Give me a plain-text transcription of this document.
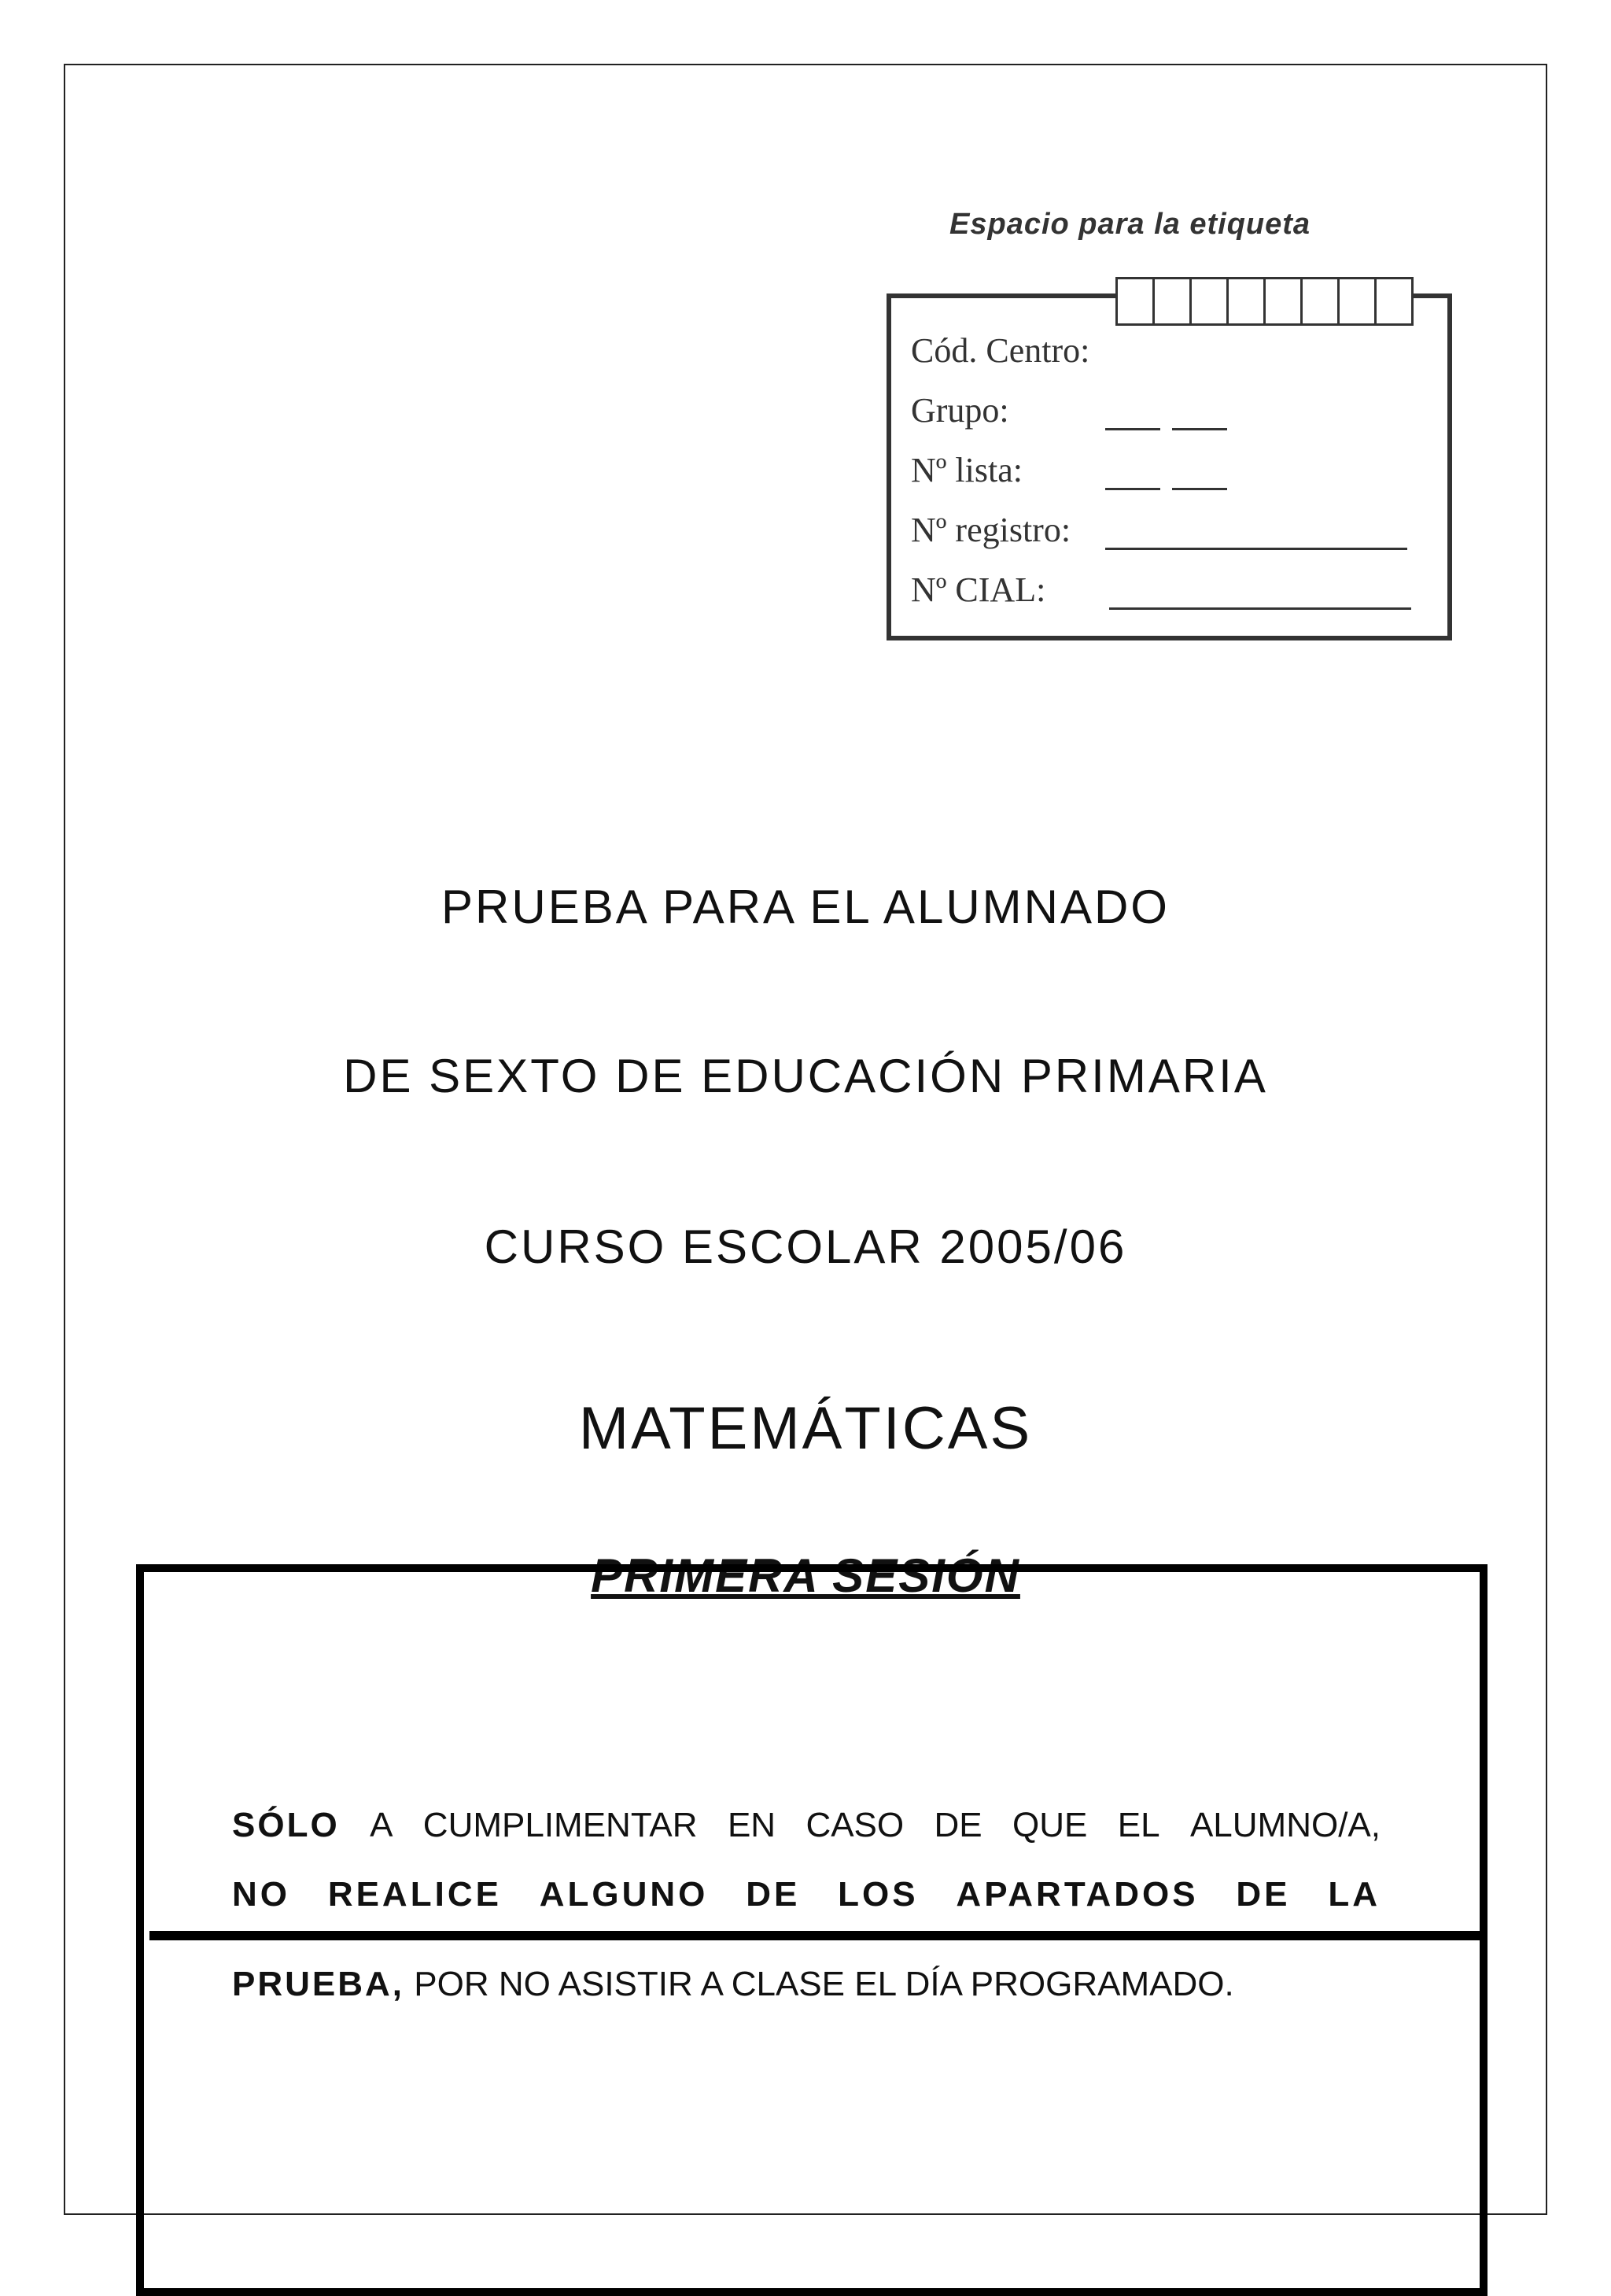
Espacio para la etiqueta
Cód. Centro:
Grupo:
Nº lista:
Nº registro:
Nº CIAL:
PRUEBA PARA EL ALUMNADO
DE SEXTO DE EDUCACIÓN PRIMARIA
CURSO ESCOLAR 2005/06
MATEMÁTICAS
PRIMERA SESIÓN
SÓLO A CUMPLIMENTAR EN CASO DE QUE EL ALUMNO/A,
NO REALICE ALGUNO DE LOS APARTADOS DE LA
PRUEBA, POR NO ASISTIR A CLASE EL DÍA PROGRAMADO.
